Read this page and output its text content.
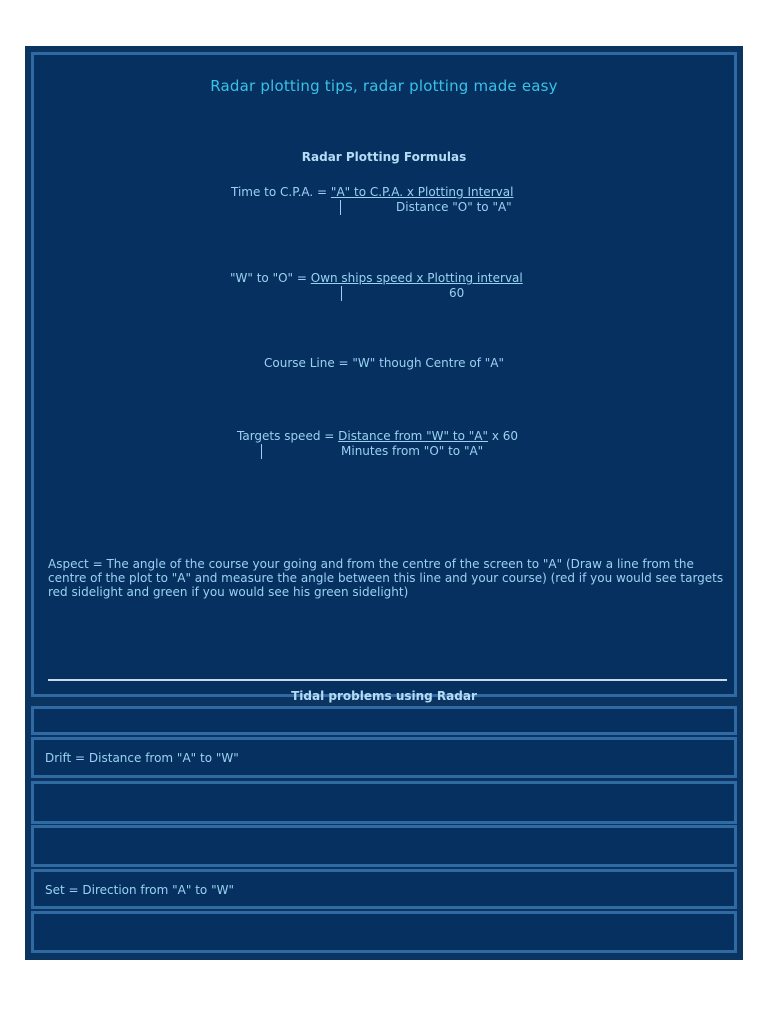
Radar plotting tips, radar plotting made easy
Radar Plotting Formulas
Time to C.P.A. = "A" to C.P.A. x Plotting Interval
Distance "O" to "A"
"W" to "O" = Own ships speed x Plotting interval
60
Course Line = "W" though Centre of "A"
Targets speed = Distance from "W" to "A" x 60
Minutes from "O" to "A"
Aspect = The angle of the course your going and from the centre of the screen to "A" (Draw a line from the centre of the plot to "A" and measure the angle between this line and your course) (red if you would see targets red sidelight and green if you would see his green sidelight)
Tidal problems using Radar
Drift = Distance from "A" to "W"
Set = Direction from "A" to "W"
